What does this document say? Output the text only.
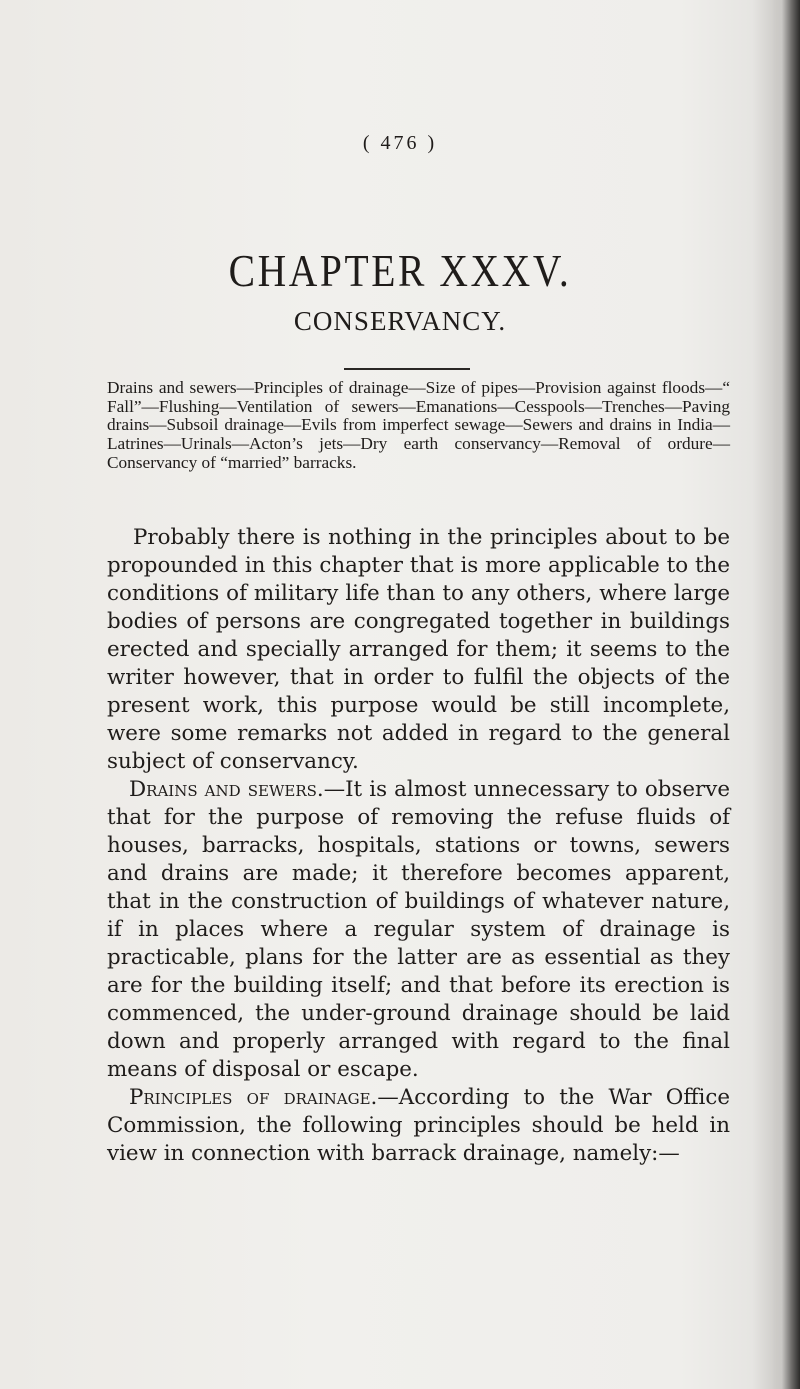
( 476 )
CHAPTER XXXV.
CONSERVANCY.

Drains and sewers—Principles of drainage—Size of pipes—Provision against floods—“ Fall”—Flushing—Ventilation of sewers—Emanations—Cesspools—Trenches—Paving drains—Subsoil drainage—Evils from imperfect sewage—Sewers and drains in India—Latrines—Urinals—Acton’s jets—Dry earth conservancy—Removal of ordure—Conservancy of “married” barracks.

Probably there is nothing in the principles about to be propounded in this chapter that is more applicable to the conditions of military life than to any others, where large bodies of persons are congregated together in buildings erected and specially arranged for them; it seems to the writer however, that in order to fulfil the objects of the present work, this purpose would be still incomplete, were some remarks not added in regard to the general subject of conservancy.

Drains and sewers.—It is almost unnecessary to observe that for the purpose of removing the refuse fluids of houses, barracks, hospitals, stations or towns, sewers and drains are made; it therefore becomes apparent, that in the construction of buildings of whatever nature, if in places where a regular system of drainage is practicable, plans for the latter are as essential as they are for the building itself; and that before its erection is commenced, the under-ground drainage should be laid down and properly arranged with regard to the final means of disposal or escape.

Principles of drainage.—According to the War Office Commission, the following principles should be held in view in connection with barrack drainage, namely:—
